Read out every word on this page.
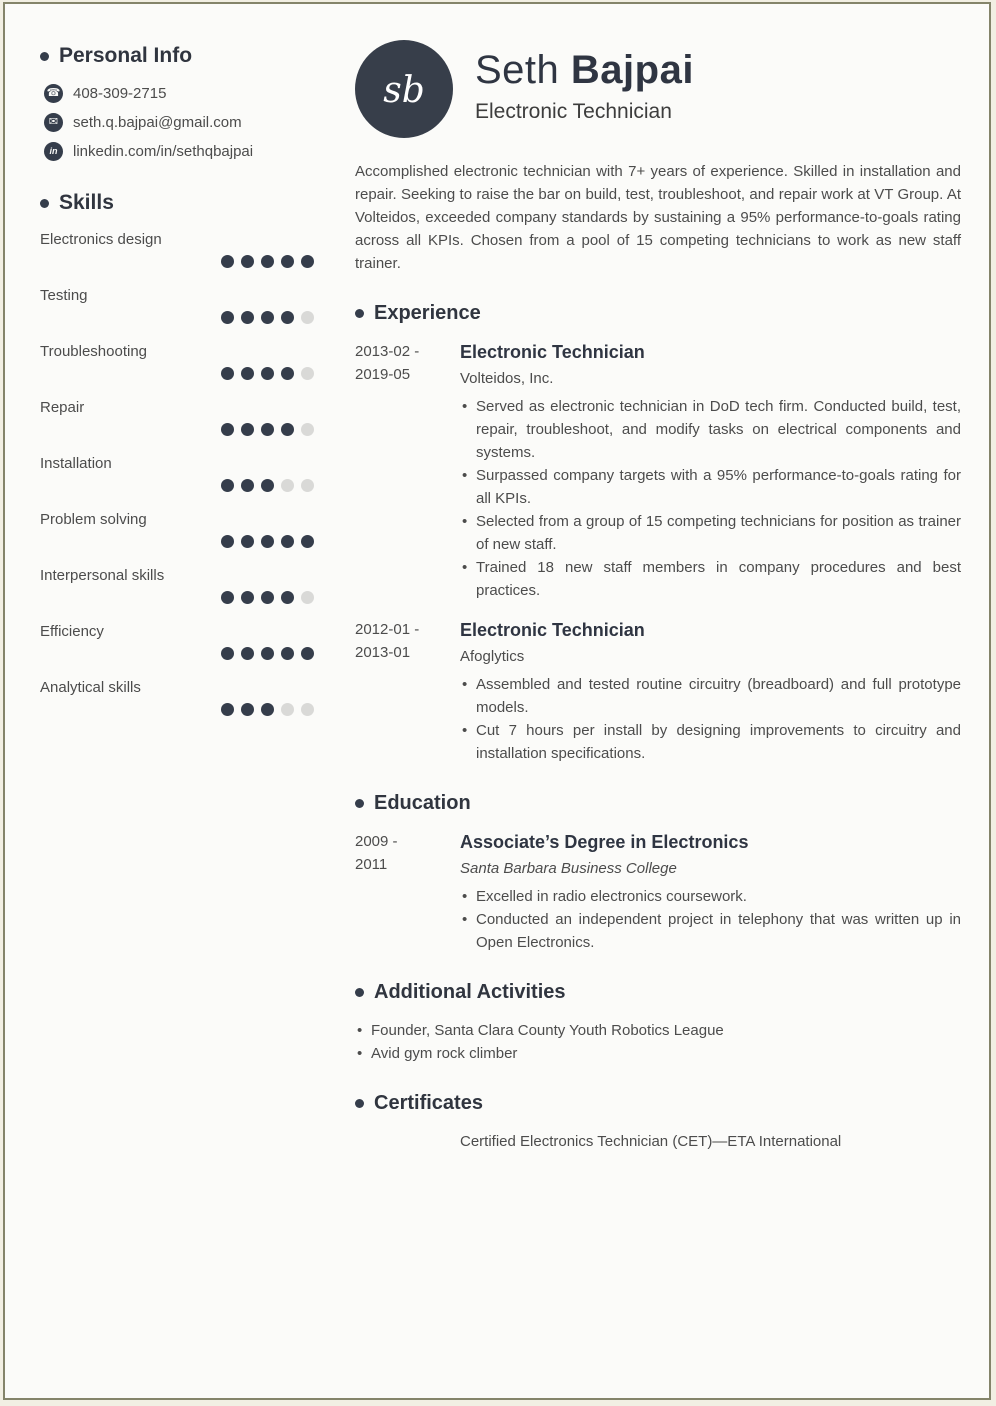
Personal Info
☎ 408-309-2715
✉ seth.q.bajpai@gmail.com
in	linkedin.com/in/sethqbajpai
Skills
Electronics design
Testing
Troubleshooting
Repair
Installation
Problem solving
Interpersonal skills
Efficiency
Analytical skills
sb Seth Bajpai
Electronic Technician
Accomplished electronic technician with 7+ years of experience. Skilled in installation and repair. Seeking to raise the bar on build, test, troubleshoot, and repair work at VT Group. At Volteidos, exceeded company standards by sustaining a 95% performance-to-goals rating across all KPIs. Chosen from a pool of 15 competing technicians to work as new staff trainer.
Experience
2013-02 -
2019-05
Electronic Technician
Volteidos, Inc.
• Served as electronic technician in DoD tech firm. Conducted build, test, repair, troubleshoot, and modify tasks on electrical components and systems.
• Surpassed company targets with a 95% performance-to-goals rating for all KPIs.
• Selected from a group of 15 competing technicians for position as trainer of new staff.
• Trained 18 new staff members in company procedures and best practices.
2012-01 -
2013-01
Electronic Technician
Afoglytics
• Assembled and tested routine circuitry (breadboard) and full prototype models.
• Cut 7 hours per install by designing improvements to circuitry and installation specifications.
Education
2009 -
2011
Associate’s Degree in Electronics
Santa Barbara Business College
• Excelled in radio electronics coursework.
• Conducted an independent project in telephony that was written up in Open Electronics.
Additional Activities
• Founder, Santa Clara County Youth Robotics League
• Avid gym rock climber
Certificates
Certified Electronics Technician (CET)—ETA International
